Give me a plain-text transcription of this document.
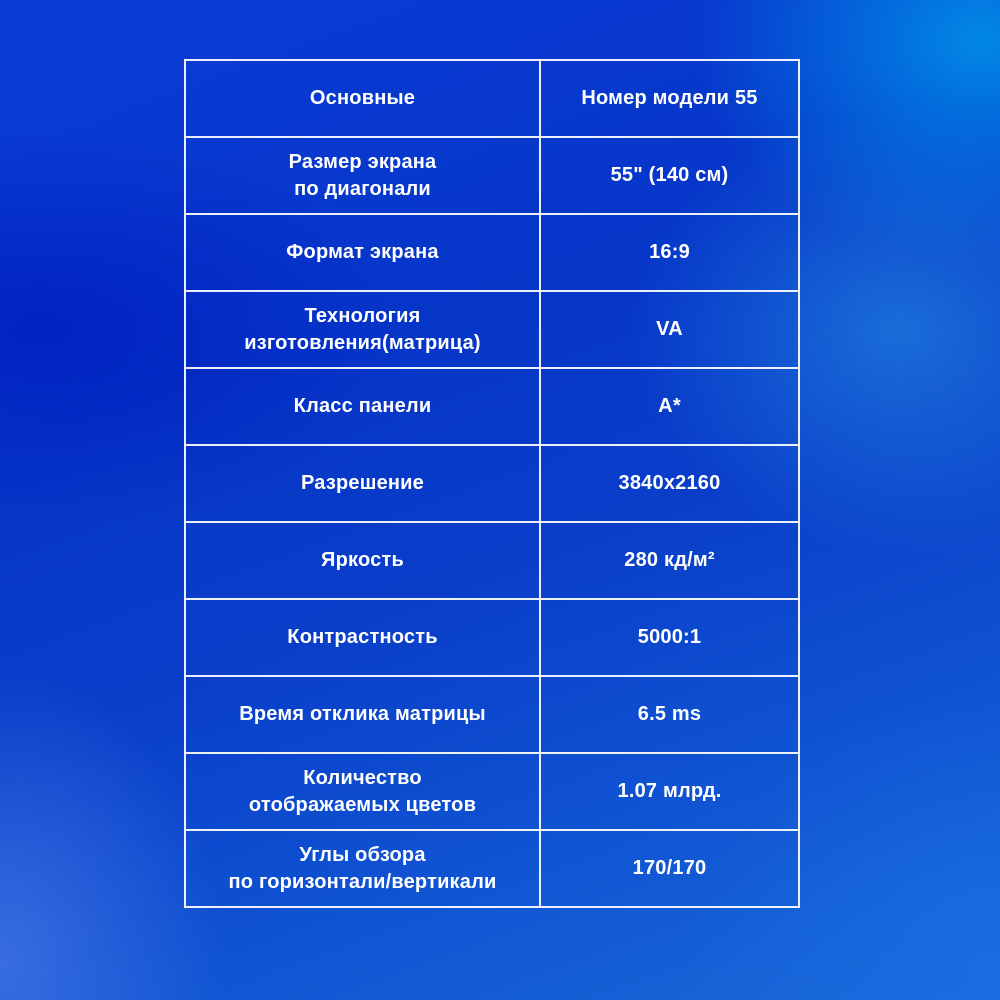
Основные	Номер модели 55

Размер экрана
по диагонали	55" (140 см)

Формат экрана	16:9

Технология
изготовления(матрица)	VA

Класс панели	A*

Разрешение	3840x2160

Яркость	280 кд/м²

Контрастность	5000:1

Время отклика матрицы	6.5 ms

Количество
отображаемых цветов	1.07 млрд.

Углы обзора
по горизонтали/вертикали	170/170
